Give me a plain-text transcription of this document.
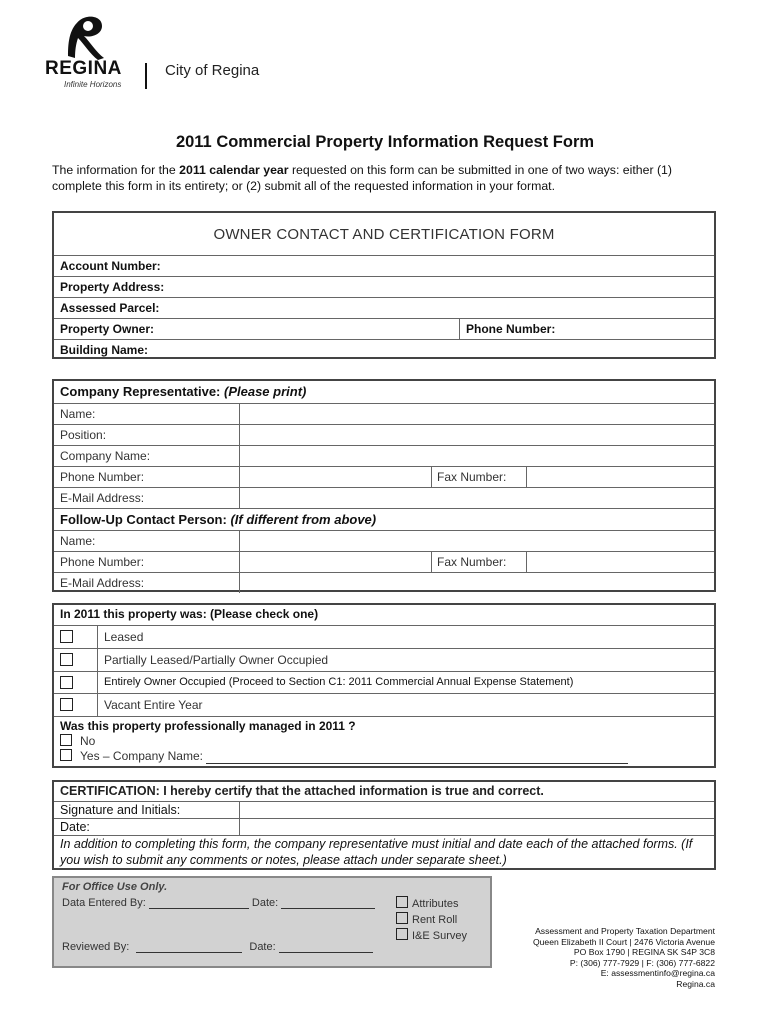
REGINA
Infinite Horizons
City of Regina
2011 Commercial Property Information Request Form
The information for the 2011 calendar year requested on this form can be submitted in one of two ways: either (1) complete this form in its entirety; or (2) submit all of the requested information in your format.
OWNER CONTACT AND CERTIFICATION FORM
Account Number:
Property Address:
Assessed Parcel:
Property Owner:	Phone Number:
Building Name:
Company Representative: (Please print)
Name:
Position:
Company Name:
Phone Number:	Fax Number:
E-Mail Address:
Follow-Up Contact Person: (If different from above)
Name:
Phone Number:	Fax Number:
E-Mail Address:
In 2011 this property was: (Please check one)
Leased
Partially Leased/Partially Owner Occupied
Entirely Owner Occupied (Proceed to Section C1: 2011 Commercial Annual Expense Statement)
Vacant Entire Year
Was this property professionally managed in 2011 ?
No
Yes – Company Name:
CERTIFICATION: I hereby certify that the attached information is true and correct.
Signature and Initials:
Date:
In addition to completing this form, the company representative must initial and date each of the attached forms. (If you wish to submit any comments or notes, please attach under separate sheet.)
For Office Use Only.
Data Entered By:	Date:
Reviewed By:	Date:
Attributes
Rent Roll
I&E Survey	Assessment and Property Taxation Department
Queen Elizabeth II Court | 2476 Victoria Avenue
PO Box 1790 | REGINA SK S4P 3C8
P: (306) 777-7929 | F: (306) 777-6822
E: assessmentinfo@regina.ca
Regina.ca
